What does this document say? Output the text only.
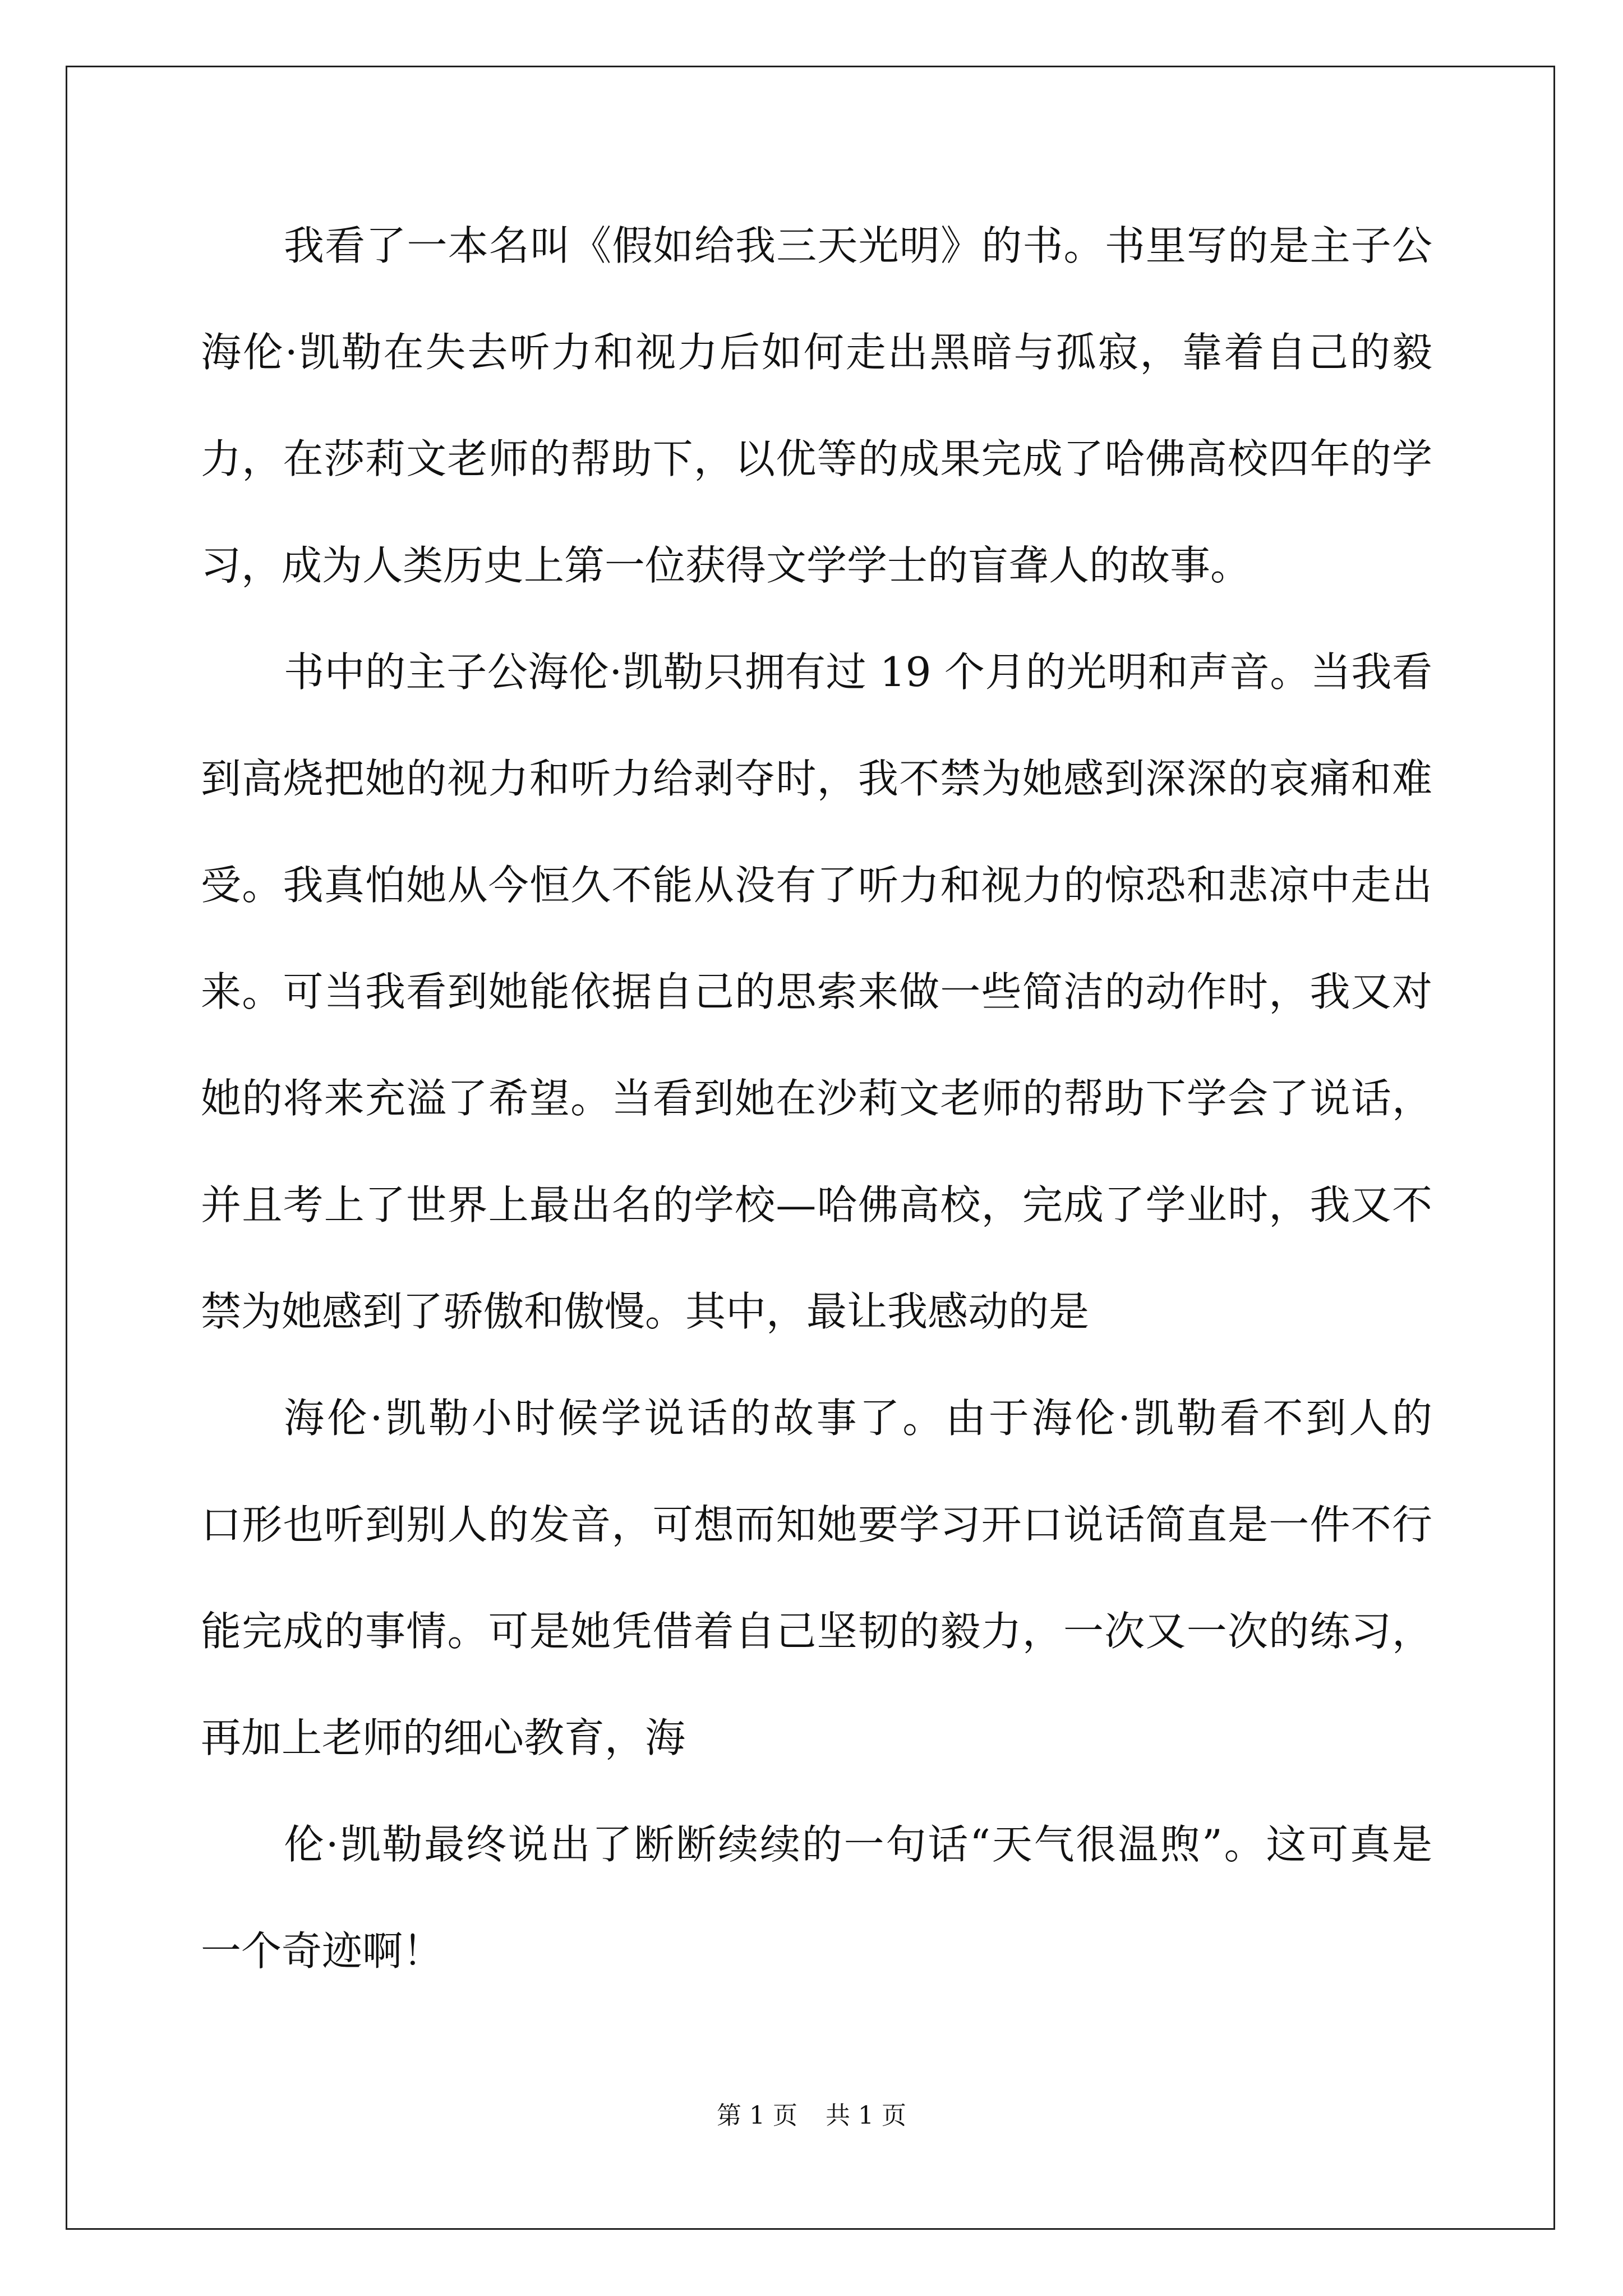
我看了一本名叫《假如给我三天光明》的书。书里写的是主子公
海伦·凯勒在失去听力和视力后如何走出黑暗与孤寂，靠着自己的毅
力，在莎莉文老师的帮助下，以优等的成果完成了哈佛高校四年的学
习，成为人类历史上第一位获得文学学士的盲聋人的故事。
书中的主子公海伦·凯勒只拥有过 19 个月的光明和声音。当我看
到高烧把她的视力和听力给剥夺时，我不禁为她感到深深的哀痛和难
受。我真怕她从今恒久不能从没有了听力和视力的惊恐和悲凉中走出
来。可当我看到她能依据自己的思索来做一些简洁的动作时，我又对
她的将来充溢了希望。当看到她在沙莉文老师的帮助下学会了说话，
并且考上了世界上最出名的学校—哈佛高校，完成了学业时，我又不
禁为她感到了骄傲和傲慢。其中，最让我感动的是
海伦·凯勒小时候学说话的故事了。由于海伦·凯勒看不到人的
口形也听到别人的发音，可想而知她要学习开口说话简直是一件不行
能完成的事情。可是她凭借着自己坚韧的毅力，一次又一次的练习，
再加上老师的细心教育，海
伦·凯勒最终说出了断断续续的一句话“天气很温煦”。这可真是
一个奇迹啊！
第 1 页 共 1 页
